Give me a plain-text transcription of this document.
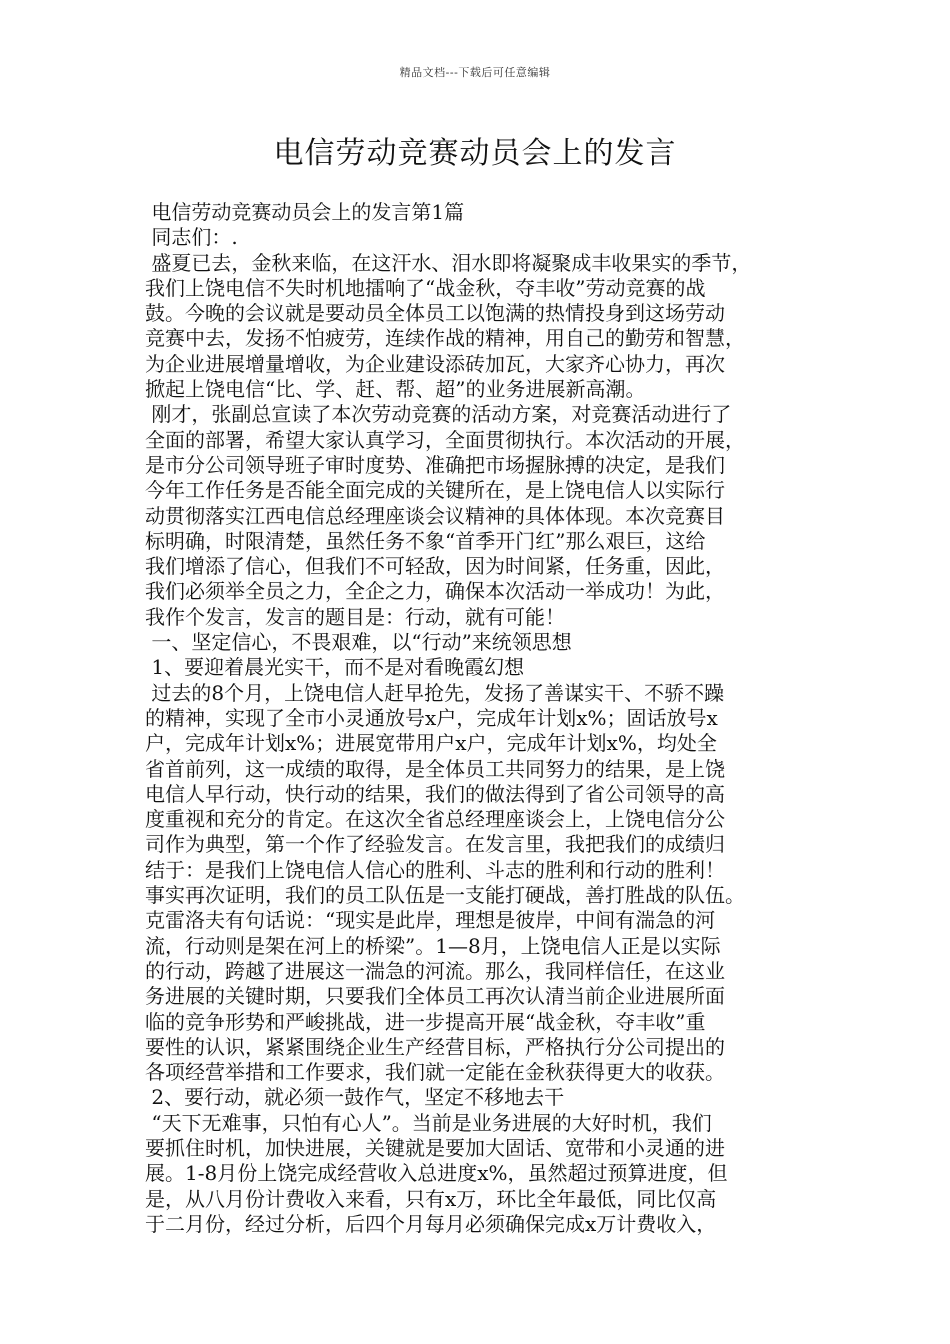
精品文档---下载后可任意编辑
电信劳动竞赛动员会上的发言
电信劳动竞赛动员会上的发言第1篇
同志们：.
盛夏已去，金秋来临，在这汗水、泪水即将凝聚成丰收果实的季节，
我们上饶电信不失时机地擂响了“战金秋，夺丰收”劳动竞赛的战
鼓。今晚的会议就是要动员全体员工以饱满的热情投身到这场劳动
竞赛中去，发扬不怕疲劳，连续作战的精神，用自己的勤劳和智慧，
为企业进展增量增收，为企业建设添砖加瓦，大家齐心协力，再次
掀起上饶电信“比、学、赶、帮、超”的业务进展新高潮。
刚才，张副总宣读了本次劳动竞赛的活动方案，对竞赛活动进行了
全面的部署，希望大家认真学习，全面贯彻执行。本次活动的开展，
是市分公司领导班子审时度势、准确把市场握脉搏的决定，是我们
今年工作任务是否能全面完成的关键所在，是上饶电信人以实际行
动贯彻落实江西电信总经理座谈会议精神的具体体现。本次竞赛目
标明确，时限清楚，虽然任务不象“首季开门红”那么艰巨，这给
我们增添了信心，但我们不可轻敌，因为时间紧，任务重，因此，
我们必须举全员之力，全企之力，确保本次活动一举成功！为此，
我作个发言，发言的题目是：行动，就有可能！
一、坚定信心，不畏艰难，以“行动”来统领思想
1、要迎着晨光实干，而不是对看晚霞幻想
过去的8个月，上饶电信人赶早抢先，发扬了善谋实干、不骄不躁
的精神，实现了全市小灵通放号x户，完成年计划x%；固话放号x
户，完成年计划x%；进展宽带用户x户，完成年计划x%，均处全
省首前列，这一成绩的取得，是全体员工共同努力的结果，是上饶
电信人早行动，快行动的结果，我们的做法得到了省公司领导的高
度重视和充分的肯定。在这次全省总经理座谈会上，上饶电信分公
司作为典型，第一个作了经验发言。在发言里，我把我们的成绩归
结于：是我们上饶电信人信心的胜利、斗志的胜利和行动的胜利！
事实再次证明，我们的员工队伍是一支能打硬战，善打胜战的队伍。
克雷洛夫有句话说：“现实是此岸，理想是彼岸，中间有湍急的河
流，行动则是架在河上的桥梁”。1—8月，上饶电信人正是以实际
的行动，跨越了进展这一湍急的河流。那么，我同样信任，在这业
务进展的关键时期，只要我们全体员工再次认清当前企业进展所面
临的竞争形势和严峻挑战，进一步提高开展“战金秋，夺丰收”重
要性的认识，紧紧围绕企业生产经营目标，严格执行分公司提出的
各项经营举措和工作要求，我们就一定能在金秋获得更大的收获。
2、要行动，就必须一鼓作气，坚定不移地去干
“天下无难事，只怕有心人”。当前是业务进展的大好时机，我们
要抓住时机，加快进展，关键就是要加大固话、宽带和小灵通的进
展。1-8月份上饶完成经营收入总进度x%，虽然超过预算进度，但
是，从八月份计费收入来看，只有x万，环比全年最低，同比仅高
于二月份，经过分析，后四个月每月必须确保完成x万计费收入，
